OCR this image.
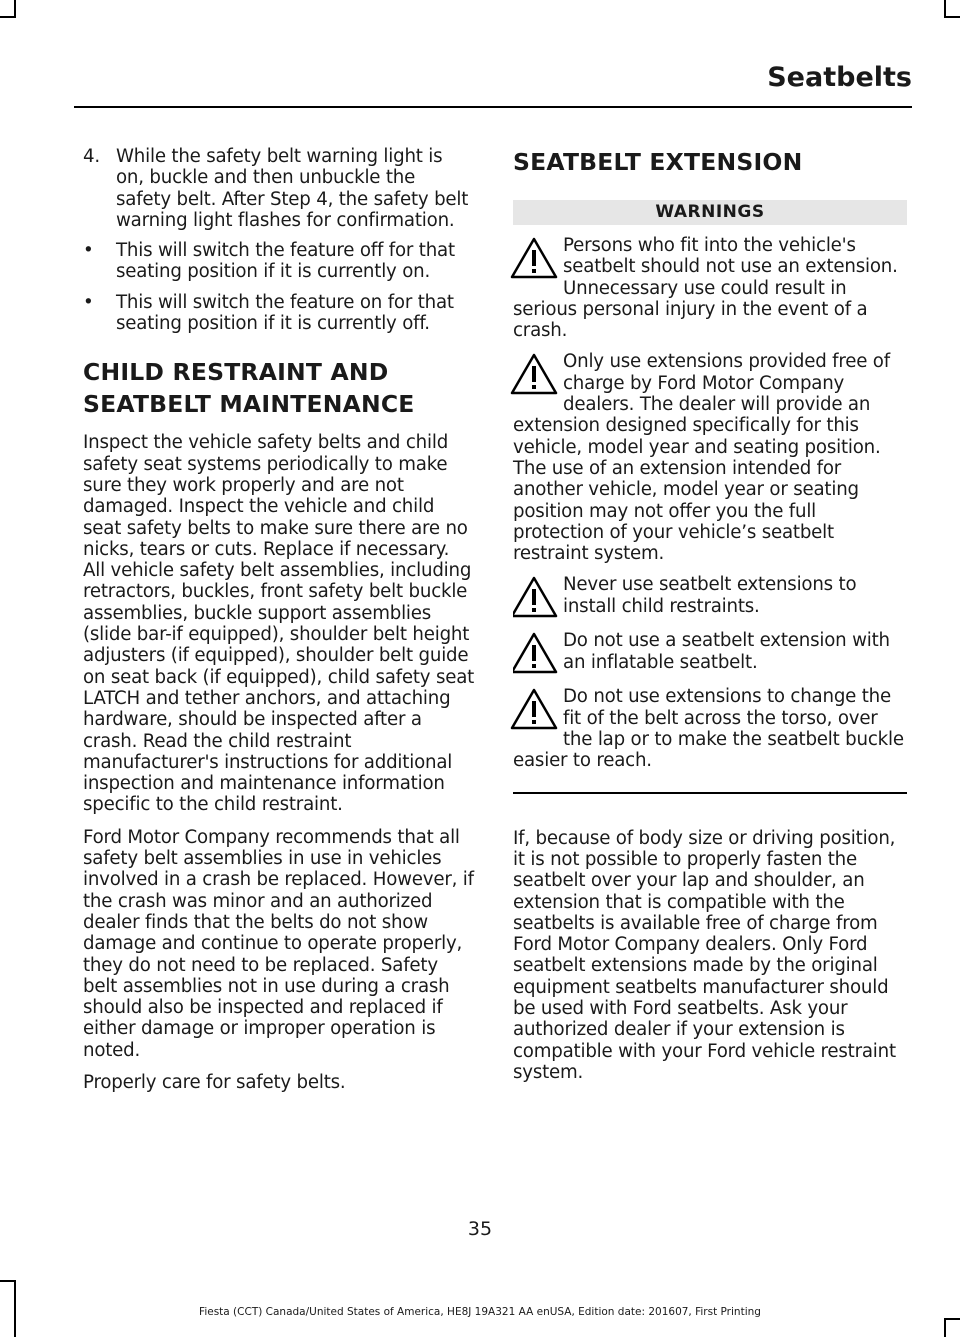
Seatbelts
4. While the safety belt warning light is on, buckle and then unbuckle the safety belt. After Step 4, the safety belt warning light flashes for confirmation.
• This will switch the feature off for that seating position if it is currently on.
• This will switch the feature on for that seating position if it is currently off.
CHILD RESTRAINT AND
SEATBELT MAINTENANCE

Inspect the vehicle safety belts and child safety seat systems periodically to make sure they work properly and are not damaged. Inspect the vehicle and child seat safety belts to make sure there are no nicks, tears or cuts. Replace if necessary. All vehicle safety belt assemblies, including retractors, buckles, front safety belt buckle assemblies, buckle support assemblies (slide bar-if equipped), shoulder belt height adjusters (if equipped), shoulder belt guide on seat back (if equipped), child safety seat LATCH and tether anchors, and attaching hardware, should be inspected after a crash. Read the child restraint manufacturer's instructions for additional inspection and maintenance information specific to the child restraint.

Ford Motor Company recommends that all safety belt assemblies in use in vehicles involved in a crash be replaced. However, if the crash was minor and an authorized dealer finds that the belts do not show damage and continue to operate properly, they do not need to be replaced. Safety belt assemblies not in use during a crash should also be inspected and replaced if either damage or improper operation is noted.

Properly care for safety belts.

SEATBELT EXTENSION
WARNINGS
Persons who fit into the vehicle's seatbelt should not use an extension. Unnecessary use could result in serious personal injury in the event of a crash.
Only use extensions provided free of charge by Ford Motor Company dealers. The dealer will provide an extension designed specifically for this vehicle, model year and seating position. The use of an extension intended for another vehicle, model year or seating position may not offer you the full protection of your vehicle’s seatbelt restraint system.
Never use seatbelt extensions to install child restraints.
Do not use a seatbelt extension with an inflatable seatbelt.
Do not use extensions to change the fit of the belt across the torso, over the lap or to make the seatbelt buckle easier to reach.

If, because of body size or driving position, it is not possible to properly fasten the seatbelt over your lap and shoulder, an extension that is compatible with the seatbelts is available free of charge from Ford Motor Company dealers. Only Ford seatbelt extensions made by the original equipment seatbelts manufacturer should be used with Ford seatbelts. Ask your authorized dealer if your extension is compatible with your Ford vehicle restraint system.

35
Fiesta (CCT) Canada/United States of America, HE8J 19A321 AA enUSA, Edition date: 201607, First Printing
